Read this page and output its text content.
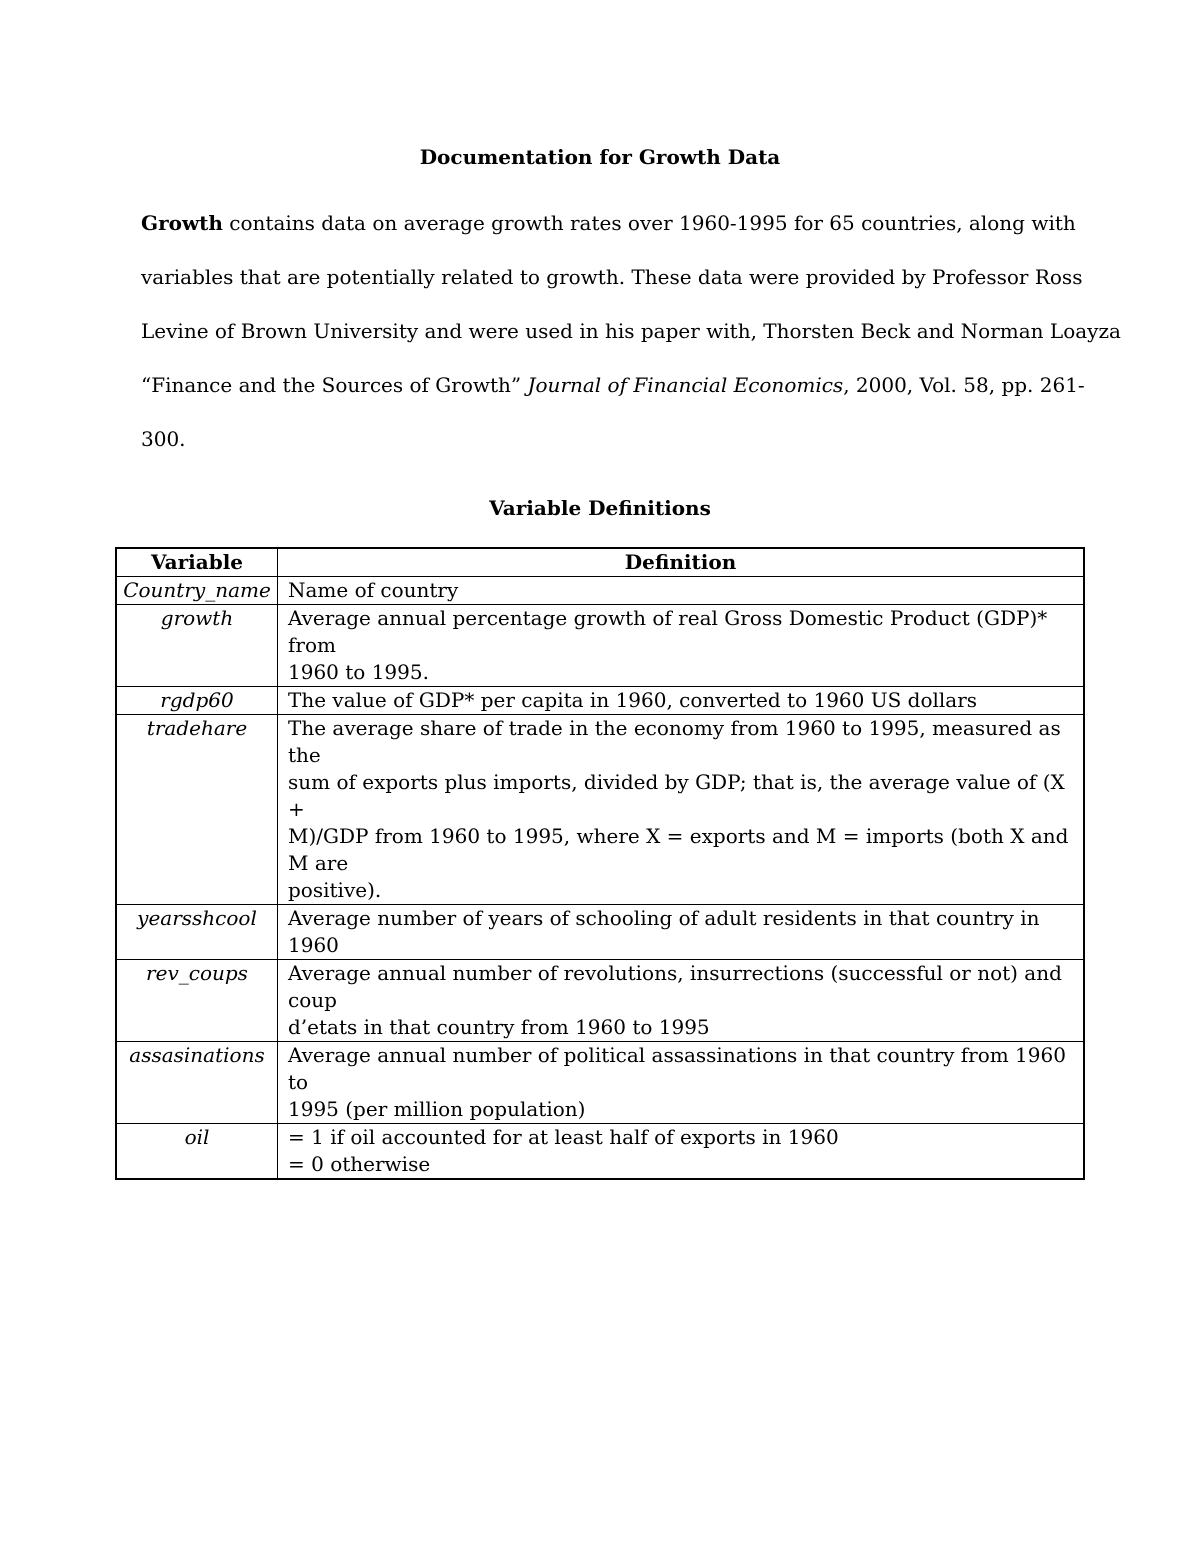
Documentation for Growth Data
Growth contains data on average growth rates over 1960-1995 for 65 countries, along with
variables that are potentially related to growth. These data were provided by Professor Ross
Levine of Brown University and were used in his paper with, Thorsten Beck and Norman Loayza
“Finance and the Sources of Growth” Journal of Financial Economics, 2000, Vol. 58, pp. 261-
300.
Variable Definitions
Variable	Definition
Country_name	Name of country

growth	Average annual percentage growth of real Gross Domestic Product (GDP)* from
1960 to 1995.

rgdp60	The value of GDP* per capita in 1960, converted to 1960 US dollars

tradehare	The average share of trade in the economy from 1960 to 1995, measured as the
sum of exports plus imports, divided by GDP; that is, the average value of (X +
M)/GDP from 1960 to 1995, where X = exports and M = imports (both X and M are
positive).

yearsshcool	Average number of years of schooling of adult residents in that country in 1960

rev_coups	Average annual number of revolutions, insurrections (successful or not) and coup
d’etats in that country from 1960 to 1995

assasinations	Average annual number of political assassinations in that country from 1960 to
1995 (per million population)

oil	= 1 if oil accounted for at least half of exports in 1960
= 0 otherwise
